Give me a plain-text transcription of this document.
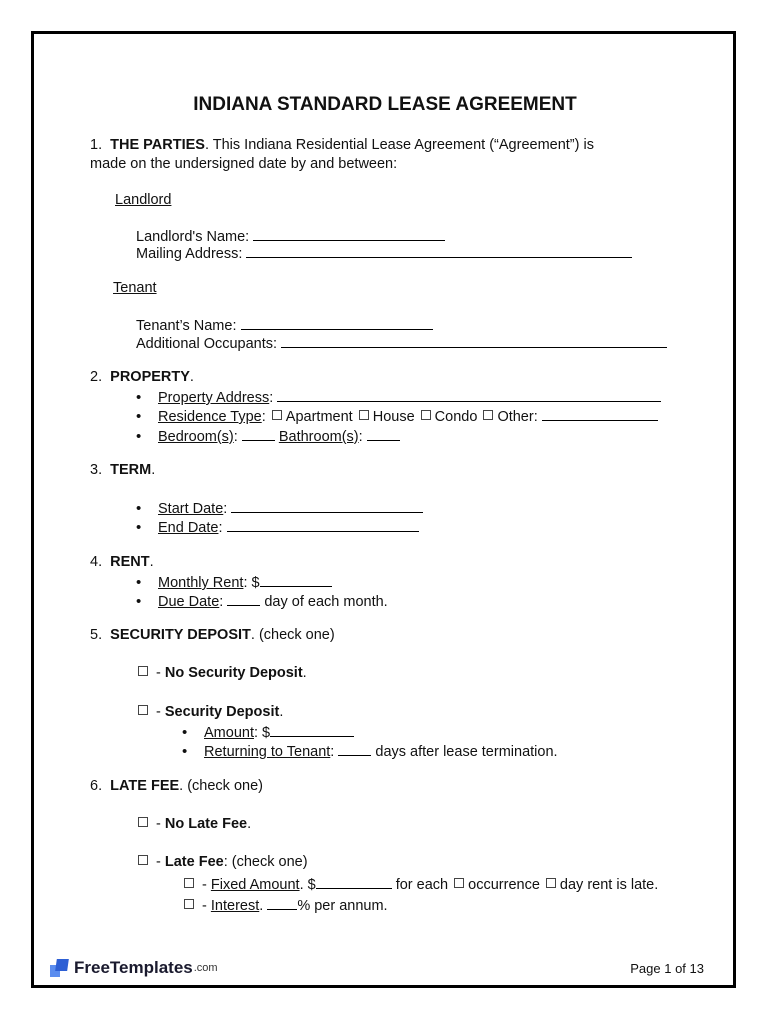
INDIANA STANDARD LEASE AGREEMENT
1. THE PARTIES. This Indiana Residential Lease Agreement (“Agreement”) is
made on the undersigned date by and between:
Landlord
Landlord's Name:
Mailing Address:
Tenant
Tenant’s Name:
Additional Occupants:
2. PROPERTY.
•Property Address:
•Residence Type: Apartment House Condo Other:
•Bedroom(s):	Bathroom(s):
3. TERM.
•Start Date:
•End Date:
4. RENT.
•Monthly Rent: $
•Due Date:	day of each month.
5. SECURITY DEPOSIT. (check one)
- No Security Deposit.
- Security Deposit.
•Amount: $
•Returning to Tenant:	days after lease termination.
6. LATE FEE. (check one)
- No Late Fee.
- Late Fee: (check one)
- Fixed Amount. $	for each occurrence day rent is late.
- Interest. % per annum.
FreeTemplates .com	Page 1 of 13
